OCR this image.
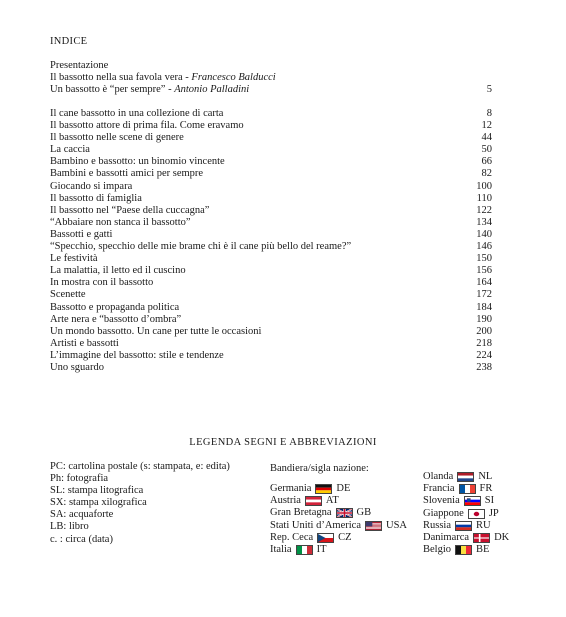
INDICE
Presentazione
Il bassotto nella sua favola vera - Francesco Balducci
Un bassotto è “per sempre” - Antonio Palladini	5
Il cane bassotto in una collezione di carta	8
Il bassotto attore di prima fila. Come eravamo	12
Il bassotto nelle scene di genere	44
La caccia	50
Bambino e bassotto: un binomio vincente	66
Bambini e bassotti amici per sempre	82
Giocando si impara	100
Il bassotto di famiglia	110
Il bassotto nel “Paese della cuccagna”	122
“Abbaiare non stanca il bassotto”	134
Bassotti e gatti	140
“Specchio, specchio delle mie brame chi è il cane più bello del reame?”	146
Le festività	150
La malattia, il letto ed il cuscino	156
In mostra con il bassotto	164
Scenette	172
Bassotto e propaganda politica	184
Arte nera e “bassotto d’ombra”	190
Un mondo bassotto. Un cane per tutte le occasioni	200
Artisti e bassotti	218
L’immagine del bassotto: stile e tendenze	224
Uno sguardo	238
LEGENDA SEGNI E ABBREVIAZIONI
PC: cartolina postale (s: stampata, e: edita)
Ph: fotografia
SL: stampa litografica
SX: stampa xilografica
SA: acquaforte
LB: libro
c. : circa (data)
Bandiera/sigla nazione:
Germania DE
Austria AT
Gran Bretagna GB
Stati Uniti d’America USA
Rep. Ceca CZ
Italia IT
Olanda NL
Francia FR
Slovenia SI
Giappone JP
Russia RU
Danimarca DK
Belgio BE
